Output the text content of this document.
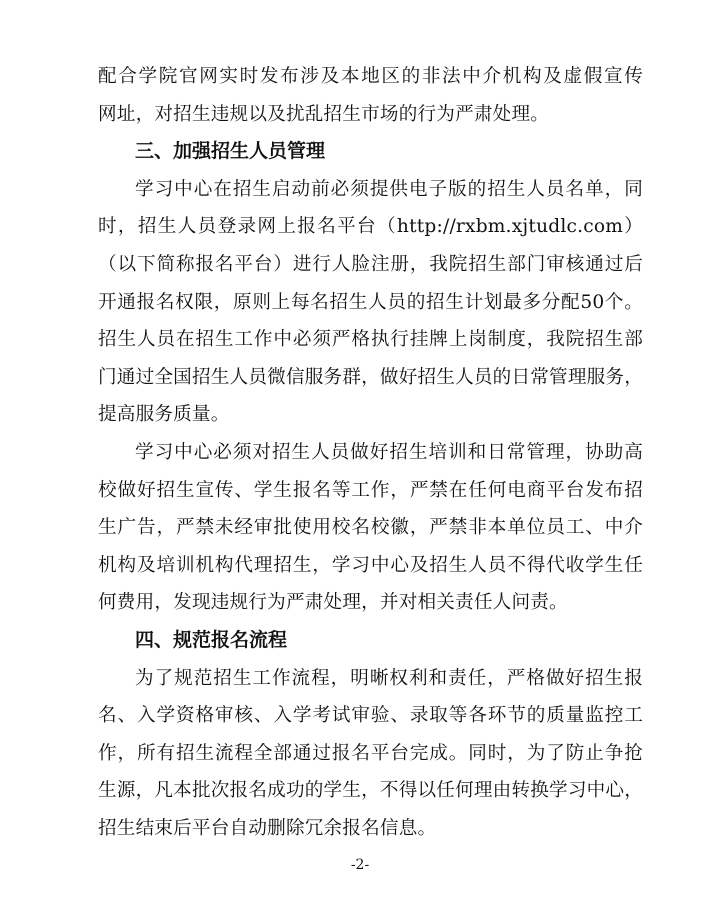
配合学院官网实时发布涉及本地区的非法中介机构及虚假宣传
网址，对招生违规以及扰乱招生市场的行为严肃处理。
三、加强招生人员管理
学习中心在招生启动前必须提供电子版的招生人员名单，同
时，招生人员登录网上报名平台（http://rxbm.xjtudlc.com）
（以下简称报名平台）进行人脸注册，我院招生部门审核通过后
开通报名权限，原则上每名招生人员的招生计划最多分配50个。
招生人员在招生工作中必须严格执行挂牌上岗制度，我院招生部
门通过全国招生人员微信服务群，做好招生人员的日常管理服务，
提高服务质量。
学习中心必须对招生人员做好招生培训和日常管理，协助高
校做好招生宣传、学生报名等工作，严禁在任何电商平台发布招
生广告，严禁未经审批使用校名校徽，严禁非本单位员工、中介
机构及培训机构代理招生，学习中心及招生人员不得代收学生任
何费用，发现违规行为严肃处理，并对相关责任人问责。
四、规范报名流程
为了规范招生工作流程，明晰权利和责任，严格做好招生报
名、入学资格审核、入学考试审验、录取等各环节的质量监控工
作，所有招生流程全部通过报名平台完成。同时，为了防止争抢
生源，凡本批次报名成功的学生，不得以任何理由转换学习中心，
招生结束后平台自动删除冗余报名信息。
-2-
